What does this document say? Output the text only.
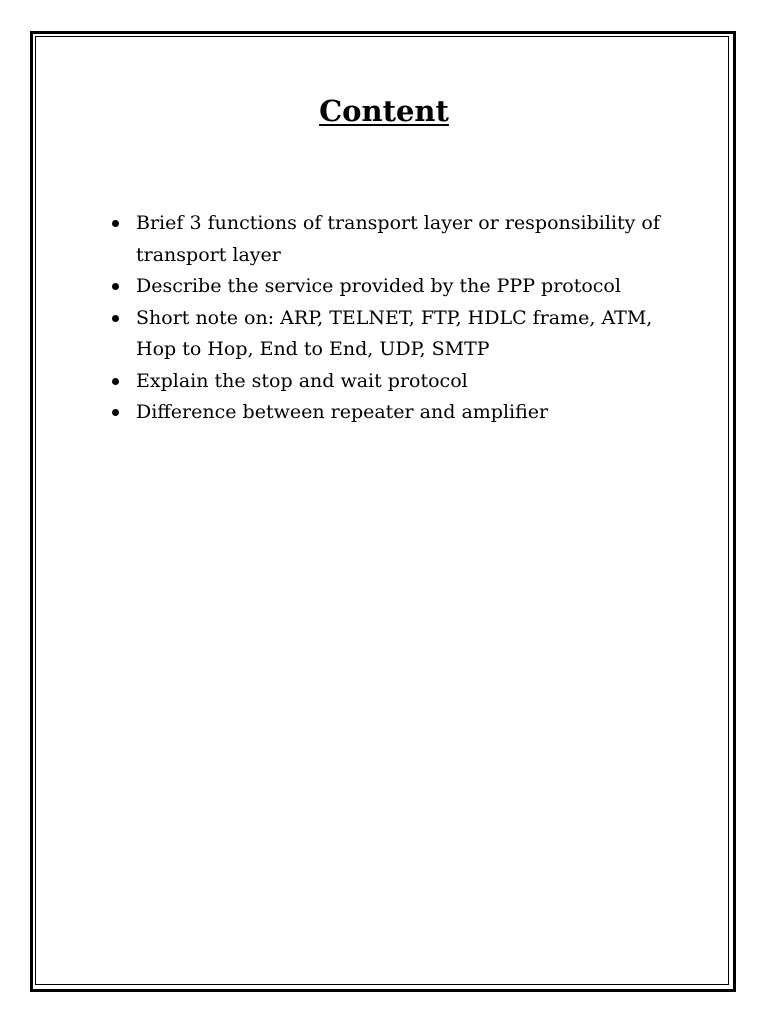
Content
Brief 3 functions of transport layer or responsibility of transport layer
Describe the service provided by the PPP protocol
Short note on: ARP, TELNET, FTP, HDLC frame, ATM, Hop to Hop, End to End, UDP, SMTP
Explain the stop and wait protocol
Difference between repeater and amplifier
